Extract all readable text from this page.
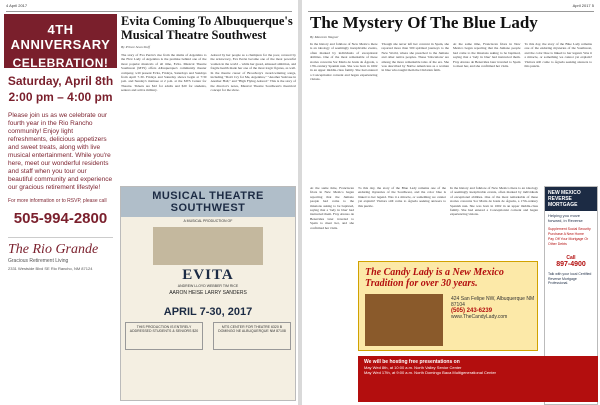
4 April 2017
4TH ANNIVERSARY
CELEBRATION!
Saturday, April 8th
2:00 pm – 4:00 pm
Please join us as we celebrate our fourth year in the Rio Rancho community! Enjoy light refreshments, delicious appetizers and sweet treats, along with live musical entertainment. While you're here, meet our wonderful residents and staff when you tour our beautiful community and experience our gracious retirement lifestyle!
For more information or to RSVP, please call
505-994-2800
The Rio Grande
Gracious Retirement Living
2331 Westside Blvd SE Rio Rancho, NM 87124
Evita Coming To Albuquerque's Musical Theatre Southwest
By Prince Sean Stuff
The story of Eva Perón's rise from the slums of Argentina to the First Lady of Argentina is the premise behind one of the most popular musicals of all time, Evita. Musical Theatre Southwest (MTS) offers Albuquerque's community theater company, will present Evita, Fridays, Saturdays and Sundays from April 7-30. Fridays and Saturday shows begin at 7:30 p.m. and Sunday's matinee at 2 p.m. at the MTS Center for Theatre. Tickets are $22 for adults and $20 for students, seniors and active military.
Adored by her people as a champion for the poor, revered by the aristocracy, Eva Perón became one of the most powerful women in the world – while her greed, amassed ambition, and fragile health made her one of the most tragic figures, as well. In the theatre career of Broadway's award-winning songs, including "Don't Cry for Me, Argentina," "Another Suitcase in Another Hall," and "High Flying Adored." This is the story of the director's notes, Musical Theatre Southwest's theatrical concept for the show.
MUSICAL THEATRE SOUTHWEST
A MUSICAL PRODUCTION OF
EVITA
ANDREW LLOYD WEBBER TIM RICE
AARON HEISE LARRY SANDERS
APRIL 7-30, 2017
THIS PRODUCTION IS ENTIRELY ADDRESSED STUDENTS & SENIORS $20
MTS CENTER FOR THEATRE 6320 B DOMINGO NE ALBUQUERQUE NM 87108
April 2017 5
The Mystery Of The Blue Lady
By Maureen Wagner
In the history and folklore of New Mexico there is an ideology of seemingly inexplicable events, often marked by individuals of exceptional abilities. One of the most remarkable of these stories concerns Sor María de Jesús de Ágreda, a 17th-century Spanish nun. She was born in 1602 in an upper middle-class family. She had entered a Conceptionist convent and began experiencing visions.
Though she never left her convent in Spain, she reported more than 500 spiritual journeys to the New World, where she preached to the Jumano and other native peoples. These 'bilocations' are among the more remarkable tales of the era. She was described by Native Americans as a woman in blue who taught them the Christian faith.
At the same time, Franciscan friars in New Mexico began reporting that the Jumano people had come to the missions asking to be baptized, saying that a 'lady in blue' had instructed them. Fray Alonso de Benavides later traveled to Spain to meet her, and she confirmed her visits.
To this day, the story of the Blue Lady remains one of the enduring mysteries of the Southwest, and the color blue is linked to her legend. Was it a miracle, or something we cannot yet explain? Visitors still come to Ágreda seeking answers to this puzzle.
At the same time, Franciscan friars in New Mexico began reporting that the Jumano people had come to the missions asking to be baptized, saying that a 'lady in blue' had instructed them. Fray Alonso de Benavides later traveled to Spain to meet her, and she confirmed her visits.
To this day, the story of the Blue Lady remains one of the enduring mysteries of the Southwest, and the color blue is linked to her legend. Was it a miracle, or something we cannot yet explain? Visitors still come to Ágreda seeking answers to this puzzle.
In the history and folklore of New Mexico there is an ideology of seemingly inexplicable events, often marked by individuals of exceptional abilities. One of the most remarkable of these stories concerns Sor María de Jesús de Ágreda, a 17th-century Spanish nun. She was born in 1602 in an upper middle-class family. She had entered a Conceptionist convent and began experiencing visions.
The Candy Lady is a New Mexico Tradition for over 30 years.
424 San Felipe NW, Albuquerque NM 87104
(505) 243-6239
www.TheCandyLady.com
NEW MEXICO REVERSE MORTGAGE
Helping you move forward, in Reverse
Supplement Social Security
Purchase A New Home
Pay Off Your Mortgage Or Other Debts
Call
897-4900
Talk with your local Certified Reverse Mortgage Professional.
We will be hosting free presentations on
May Wed 8th, at 10:00 a.m. North Valley Senior Center
May Wed 17th, at 9:00 a.m. North Domingo Baca Multigenerational Center
